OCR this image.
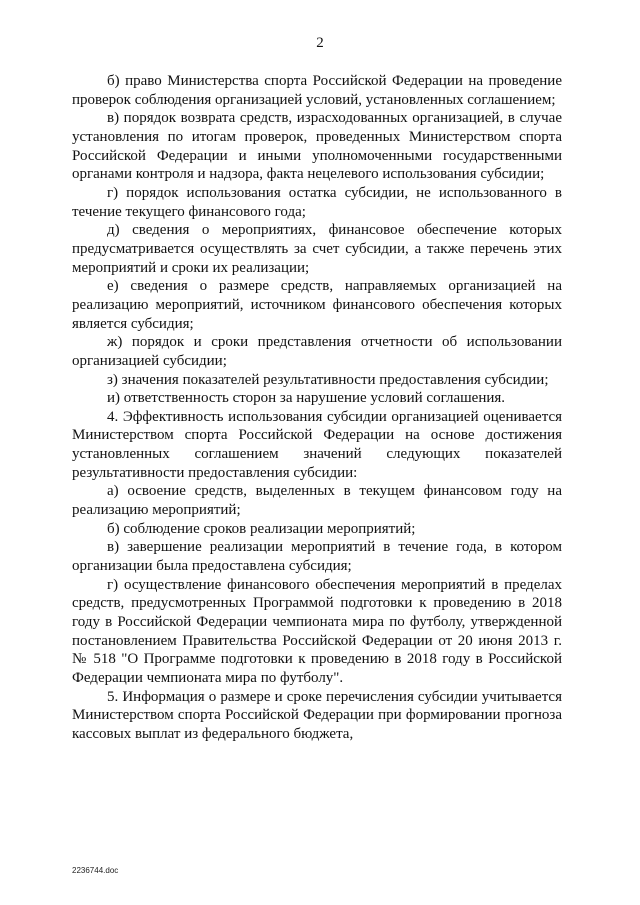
2

б) право Министерства спорта Российской Федерации на проведение проверок соблюдения организацией условий, установленных соглашением;

в) порядок возврата средств, израсходованных организацией, в случае установления по итогам проверок, проведенных Министерством спорта Российской Федерации и иными уполномоченными государственными органами контроля и надзора, факта нецелевого использования субсидии;

г) порядок использования остатка субсидии, не использованного в течение текущего финансового года;

д) сведения о мероприятиях, финансовое обеспечение которых предусматривается осуществлять за счет субсидии, а также перечень этих мероприятий и сроки их реализации;

е) сведения о размере средств, направляемых организацией на реализацию мероприятий, источником финансового обеспечения которых является субсидия;

ж) порядок и сроки представления отчетности об использовании организацией субсидии;

з) значения показателей результативности предоставления субсидии;

и) ответственность сторон за нарушение условий соглашения.

4. Эффективность использования субсидии организацией оценивается Министерством спорта Российской Федерации на основе достижения установленных соглашением значений следующих показателей результативности предоставления субсидии:

а) освоение средств, выделенных в текущем финансовом году на реализацию мероприятий;

б) соблюдение сроков реализации мероприятий;

в) завершение реализации мероприятий в течение года, в котором организации была предоставлена субсидия;

г) осуществление финансового обеспечения мероприятий в пределах средств, предусмотренных Программой подготовки к проведению в 2018 году в Российской Федерации чемпионата мира по футболу, утвержденной постановлением Правительства Российской Федерации от 20 июня 2013 г. № 518 "О Программе подготовки к проведению в 2018 году в Российской Федерации чемпионата мира по футболу".

5. Информация о размере и сроке перечисления субсидии учитывается Министерством спорта Российской Федерации при формировании прогноза кассовых выплат из федерального бюджета,

2236744.doc
